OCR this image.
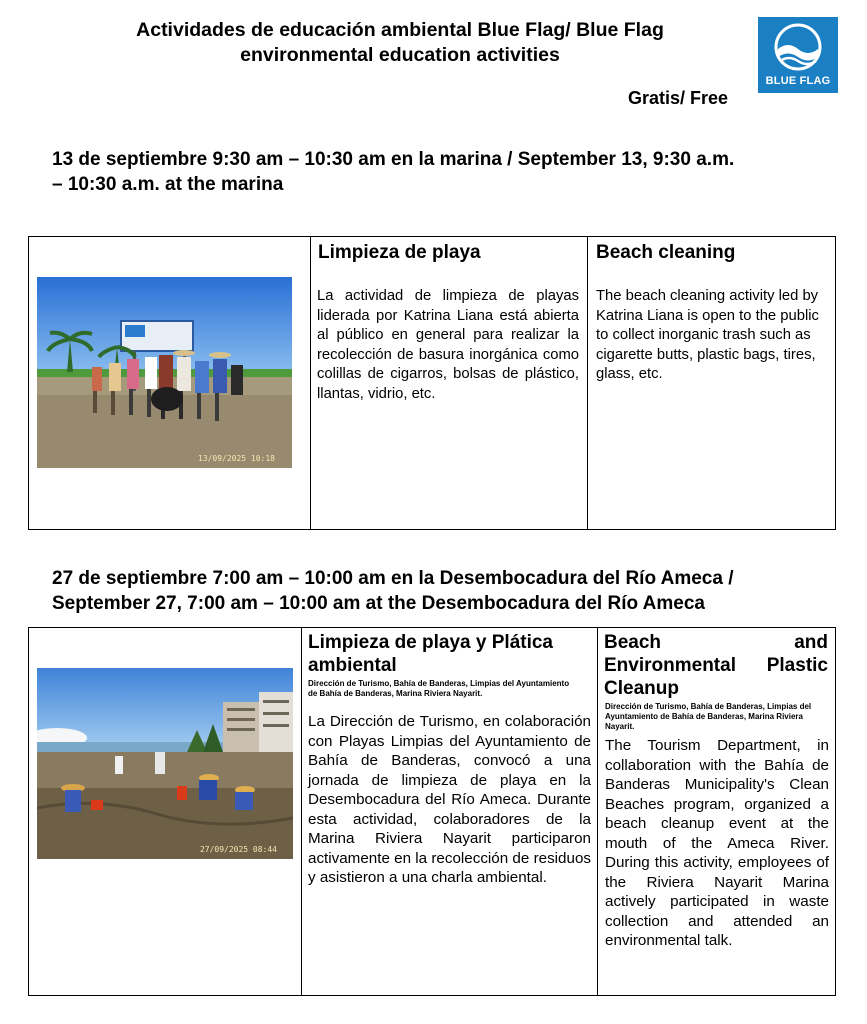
Actividades de educación ambiental Blue Flag/ Blue Flag
environmental education activities
Gratis/ Free
BLUE FLAG
13 de septiembre 9:30 am – 10:30 am en la marina / September 13, 9:30 a.m.
– 10:30 a.m. at the marina
13/09/2025 10:18
Limpieza de playa
La actividad de limpieza de playas liderada por Katrina Liana está abierta al público en general para realizar la recolección de basura inorgánica como colillas de cigarros, bolsas de plástico, llantas, vidrio, etc.
Beach cleaning
The beach cleaning activity led by Katrina Liana is open to the public to collect inorganic trash such as cigarette butts, plastic bags, tires, glass, etc.
27 de septiembre 7:00 am – 10:00 am en la Desembocadura del Río Ameca /
September 27, 7:00 am – 10:00 am at the Desembocadura del Río Ameca
27/09/2025 08:44
Limpieza de playa y Plática ambiental
Dirección de Turismo, Bahía de Banderas, Limpias del Ayuntamiento de Bahía de Banderas, Marina Riviera Nayarit.
La Dirección de Turismo, en colaboración con Playas Limpias del Ayuntamiento de Bahía de Banderas, convocó a una jornada de limpieza de playa en la Desembocadura del Río Ameca. Durante esta actividad, colaboradores de la Marina Riviera Nayarit participaron activamente en la recolección de residuos y asistieron a una charla ambiental.
Beach and Environmental Plastic Cleanup
Dirección de Turismo, Bahía de Banderas, Limpias del Ayuntamiento de Bahía de Banderas, Marina Riviera Nayarit.
The Tourism Department, in collaboration with the Bahía de Banderas Municipality's Clean Beaches program, organized a beach cleanup event at the mouth of the Ameca River. During this activity, employees of the Riviera Nayarit Marina actively participated in waste collection and attended an environmental talk.
